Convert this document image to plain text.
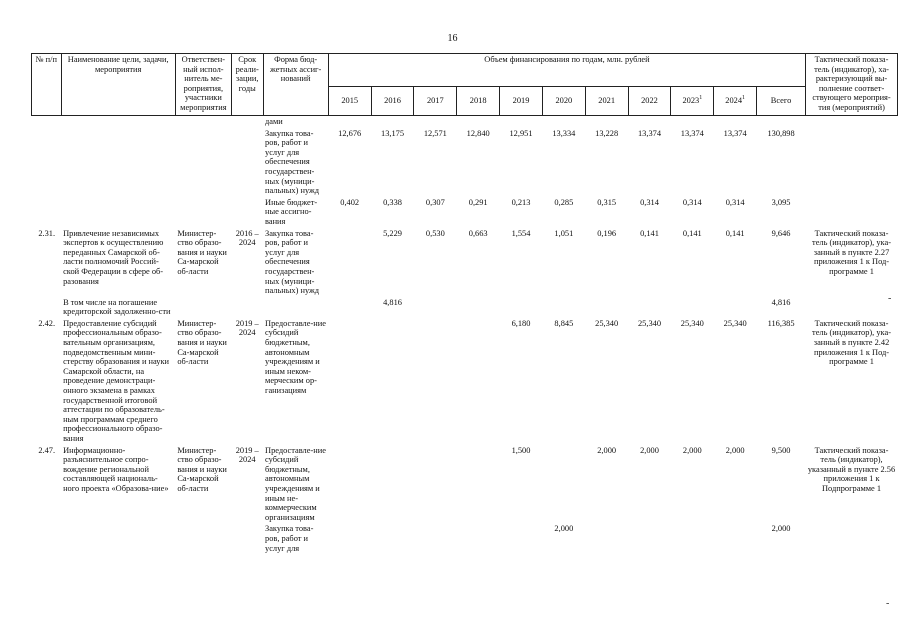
16
№ п/п	Наименование цели, задачи, мероприятия	Ответствен-ный испол-нитель ме-роприятия, участники мероприятия	Срок реали-зации, годы	Форма бюд-жетных ассиг-нований	Объем финансирования по годам, млн. рублей											Тактический показа-тель (индикатор), ха-рактеризующий вы-полнение соответ-ствующего мероприя-тия (мероприятий)
					2015	2016	2017	2018	2019	2020	2021	2022	2023$^1$	2024$^1$	Всего	
				дами												
				Закупка това-ров, работ и услуг для обеспечения государствен-ных (муници-пальных) нужд	12,676	13,175	12,571	12,840	12,951	13,334	13,228	13,374	13,374	13,374	130,898	
				Иные бюджет-ные ассигно-вания	0,402	0,338	0,307	0,291	0,213	0,285	0,315	0,314	0,314	0,314	3,095	
2.31.	Привлечение независимых экспертов к осуществлению переданных Самарской об-ласти полномочий Россий-ской Федерации в сфере об-разования	Министер-ство образо-вания и науки Са-марской об-ласти	2016 – 2024	Закупка това-ров, работ и услуг для обеспечения государствен-ных (муници-пальных) нужд		5,229	0,530	0,663	1,554	1,051	0,196	0,141	0,141	0,141	9,646	Тактический показа-тель (индикатор), ука-занный в пункте 2.27 приложения 1 к Под-программе 1
	В том числе на погашение кредиторской задолженно-сти					4,816									4,816	
2.42.	Предоставление субсидий профессиональным образо-вательным организациям, подведомственным мини-стерству образования и науки Самарской области, на проведение демонстраци-онного экзамена в рамках государственной итоговой аттестации по образователь-ным программам среднего профессионального образо-вания	Министер-ство образо-вания и науки Са-марской об-ласти	2019 – 2024	Предоставле-ние субсидий бюджетным, автономным учреждениям и иным неком-мерческим ор-ганизациям					6,180	8,845	25,340	25,340	25,340	25,340	116,385	Тактический показа-тель (индикатор), ука-занный в пункте 2.42 приложения 1 к Под-программе 1
2.47.	Информационно-разъяснительное сопро-вождение региональной составляющей националь-ного проекта «Образова-ние»	Министер-ство образо-вания и науки Са-марской об-ласти	2019 – 2024	Предоставле-ние субсидий бюджетным, автономным учреждениям и иным не-коммерческим организациям					1,500		2,000	2,000	2,000	2,000	9,500	Тактический показа-тель (индикатор), указанный в пункте 2.56 приложения 1 к Подпрограмме 1
				Закупка това-ров, работ и услуг для						2,000					2,000	
-
-
